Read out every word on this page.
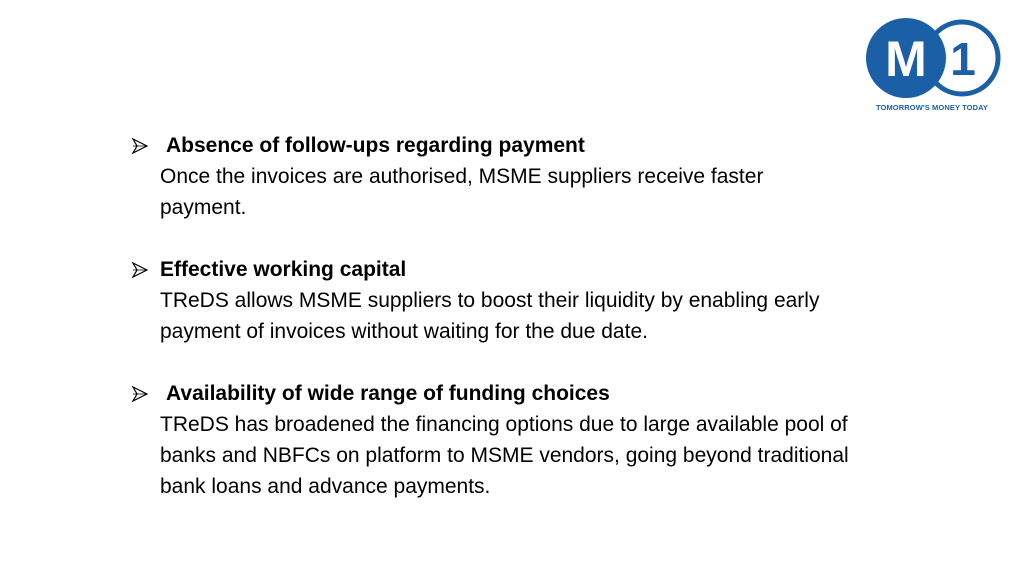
M 1
TOMORROW'S MONEY TODAY
Absence of follow-ups regarding payment
Once the invoices are authorised, MSME suppliers receive faster payment.
Effective working capital
TReDS allows MSME suppliers to boost their liquidity by enabling early payment of invoices without waiting for the due date.
Availability of wide range of funding choices
TReDS has broadened the financing options due to large available pool of banks and NBFCs on platform to MSME vendors, going beyond traditional bank loans and advance payments.
